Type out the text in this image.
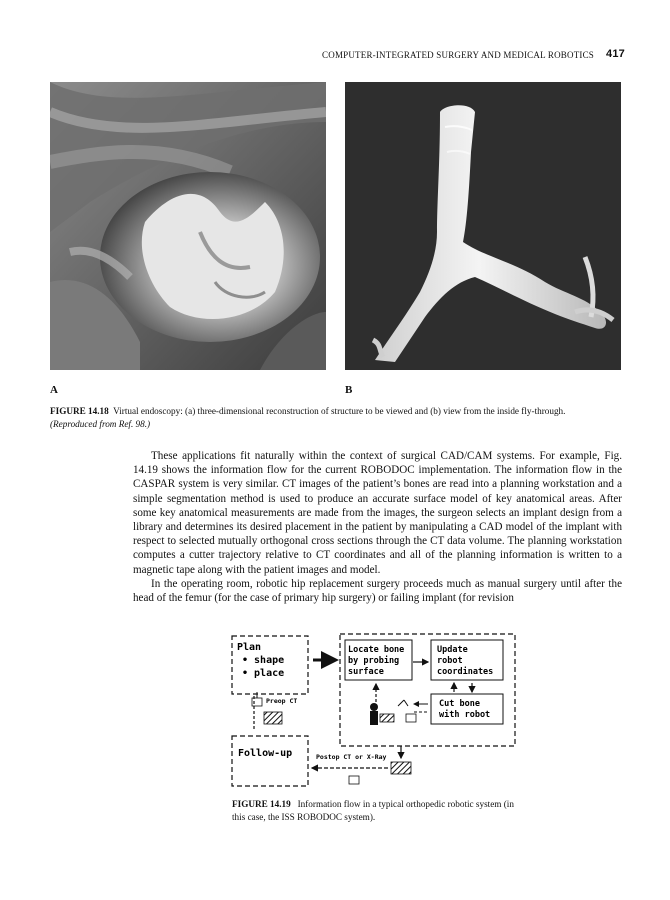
COMPUTER-INTEGRATED SURGERY AND MEDICAL ROBOTICS 417
A	B
FIGURE 14.18 Virtual endoscopy: (a) three-dimensional reconstruction of structure to be viewed and (b) view from the inside fly-through.
(Reproduced from Ref. 98.)

These applications fit naturally within the context of surgical CAD/CAM systems. For example, Fig. 14.19 shows the information flow for the current ROBODOC implementation. The information flow in the CASPAR system is very similar. CT images of the patient’s bones are read into a planning workstation and a simple segmentation method is used to produce an accurate surface model of key anatomical areas. After some key anatomical measurements are made from the images, the surgeon selects an implant design from a library and determines its desired placement in the patient by manipulating a CAD model of the implant with respect to selected mutually orthogonal cross sections through the CT data volume. The planning workstation computes a cutter trajectory relative to CT coordinates and all of the planning information is written to a magnetic tape along with the patient images and model.

In the operating room, robotic hip replacement surgery proceeds much as manual surgery until after the head of the femur (for the case of primary hip surgery) or failing implant (for revision

Plan
• shape
• place
Locate bone
by probing
surface
Update
robot
coordinates
Cut bone
with robot
Preop CT
Follow-up	Postop CT or X-Ray
FIGURE 14.19 Information flow in a typical orthopedic robotic system (in this case, the ISS ROBODOC system).
